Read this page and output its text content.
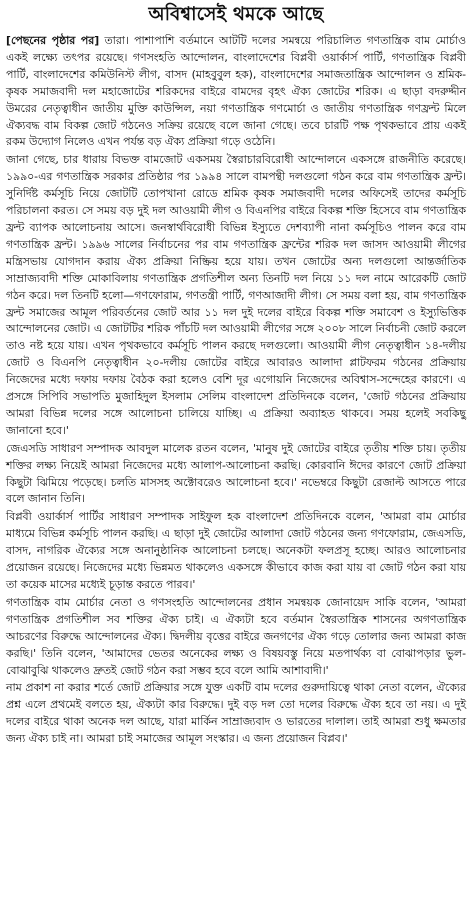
অবিশ্বাসেই থমকে আছে

[পেছনের পৃষ্ঠার পর] তারা। পাশাপাশি বর্তমানে আটটি দলের সমন্বয়ে পরিচালিত গণতান্ত্রিক বাম মোর্চাও একই লক্ষ্যে তৎপর রয়েছে। গণসংহতি আন্দোলন, বাংলাদেশের বিপ্লবী ওয়ার্কার্স পার্টি, গণতান্ত্রিক বিপ্লবী পার্টি, বাংলাদেশের কমিউনিস্ট লীগ, বাসদ (মাহবুবুল হক), বাংলাদেশের সমাজতান্ত্রিক আন্দোলন ও শ্রমিক-কৃষক সমাজবাদী দল মহাজোটের শরিকদের বাইরে বামদের বৃহৎ ঐক্য জোটের শরিক। এ ছাড়া বদরুদ্দীন উমরের নেতৃত্বাধীন জাতীয় মুক্তি কাউন্সিল, নয়া গণতান্ত্রিক গণমোর্চা ও জাতীয় গণতান্ত্রিক গণফ্রন্ট মিলে ঐক্যবদ্ধ বাম বিকল্প জোট গঠনেও সক্রিয় রয়েছে বলে জানা গেছে। তবে চারটি পক্ষ পৃথকভাবে প্রায় একই রকম উদ্যোগ নিলেও এখন পর্যন্ত বড় ঐক্য প্রক্রিয়া গড়ে ওঠেনি।

জানা গেছে, চার ধারায় বিভক্ত বামজোট একসময় স্বৈরাচারবিরোধী আন্দোলনে একসঙ্গে রাজনীতি করেছে। ১৯৯০-এর গণতান্ত্রিক সরকার প্রতিষ্ঠার পর ১৯৯৪ সালে বামপন্থী দলগুলো গঠন করে বাম গণতান্ত্রিক ফ্রন্ট। সুনির্দিষ্ট কর্মসূচি নিয়ে জোটটি তোপখানা রোডে শ্রমিক কৃষক সমাজবাদী দলের অফিসেই তাদের কর্মসূচি পরিচালনা করত। সে সময় বড় দুই দল আওয়ামী লীগ ও বিএনপির বাইরে বিকল্প শক্তি হিসেবে বাম গণতান্ত্রিক ফ্রন্ট ব্যাপক আলোচনায় আসে। জনস্বার্থবিরোধী বিভিন্ন ইস্যুতে দেশব্যাপী নানা কর্মসূচিও পালন করে বাম গণতান্ত্রিক ফ্রন্ট। ১৯৯৬ সালের নির্বাচনের পর বাম গণতান্ত্রিক ফ্রন্টের শরিক দল জাসদ আওয়ামী লীগের মন্ত্রিসভায় যোগদান করায় ঐক্য প্রক্রিয়া নিষ্ক্রিয় হয়ে যায়। তখন জোটের অন্য দলগুলো আন্তর্জাতিক সাম্রাজ্যবাদী শক্তি মোকাবিলায় গণতান্ত্রিক প্রগতিশীল অন্য তিনটি দল নিয়ে ১১ দল নামে আরেকটি জোট গঠন করে। দল তিনটি হলো—গণফোরাম, গণতন্ত্রী পার্টি, গণআজাদী লীগ। সে সময় বলা হয়, বাম গণতান্ত্রিক ফ্রন্ট সমাজের আমূল পরিবর্তনের জোট আর ১১ দল দুই দলের বাইরে বিকল্প শক্তি সমাবেশ ও ইস্যুভিত্তিক আন্দোলনের জোট। এ জোটটির শরিক পাঁচটি দল আওয়ামী লীগের সঙ্গে ২০০৮ সালে নির্বাচনী জোট করলে তাও নষ্ট হয়ে যায়। এখন পৃথকভাবে কর্মসূচি পালন করছে দলগুলো। আওয়ামী লীগ নেতৃত্বাধীন ১৪-দলীয় জোট ও বিএনপি নেতৃত্বাধীন ২০-দলীয় জোটের বাইরে আবারও আলাদা প্লাটফরম গঠনের প্রক্রিয়ায় নিজেদের মধ্যে দফায় দফায় বৈঠক করা হলেও বেশি দূর এগোয়নি নিজেদের অবিশ্বাস-সন্দেহের কারণে। এ প্রসঙ্গে সিপিবি সভাপতি মুজাহিদুল ইসলাম সেলিম বাংলাদেশ প্রতিদিনকে বলেন, 'জোট গঠনের প্রক্রিয়ায় আমরা বিভিন্ন দলের সঙ্গে আলোচনা চালিয়ে যাচ্ছি। এ প্রক্রিয়া অব্যাহত থাকবে। সময় হলেই সবকিছু জানানো হবে।'

জেএসডি সাধারণ সম্পাদক আবদুল মালেক রতন বলেন, 'মানুষ দুই জোটের বাইরে তৃতীয় শক্তি চায়। তৃতীয় শক্তির লক্ষ্য নিয়েই আমরা নিজেদের মধ্যে আলাপ-আলোচনা করছি। কোরবানি ঈদের কারণে জোট প্রক্রিয়া কিছুটা ঝিমিয়ে পড়েছে। চলতি মাসসহ অক্টোবরেও আলোচনা হবে।' নভেম্বরে কিছুটা রেজাল্ট আসতে পারে বলে জানান তিনি।

বিপ্লবী ওয়ার্কার্স পার্টির সাধারণ সম্পাদক সাইফুল হক বাংলাদেশ প্রতিদিনকে বলেন, 'আমরা বাম মোর্চার মাধ্যমে বিভিন্ন কর্মসূচি পালন করছি। এ ছাড়া দুই জোটের আলাদা জোট গঠনের জন্য গণফোরাম, জেএসডি, বাসদ, নাগরিক ঐক্যের সঙ্গে অনানুষ্ঠানিক আলোচনা চলছে। অনেকটা ফলপ্রসূ হচ্ছে। আরও আলোচনার প্রয়োজন রয়েছে। নিজেদের মধ্যে ভিন্নমত থাকলেও একসঙ্গে কীভাবে কাজ করা যায় বা জোট গঠন করা যায় তা কয়েক মাসের মধ্যেই চূড়ান্ত করতে পারব।'

গণতান্ত্রিক বাম মোর্চার নেতা ও গণসংহতি আন্দোলনের প্রধান সমন্বয়ক জোনায়েদ সাকি বলেন, 'আমরা গণতান্ত্রিক প্রগতিশীল সব শক্তির ঐক্য চাই। এ ঐক্যটা হবে বর্তমান স্বৈরতান্ত্রিক শাসনের অগণতান্ত্রিক আচরণের বিরুদ্ধে আন্দোলনের ঐক্য। দ্বিদলীয় বৃত্তের বাইরে জনগণের ঐক্য গড়ে তোলার জন্য আমরা কাজ করছি।' তিনি বলেন, 'আমাদের ভেতর অনেকের লক্ষ্য ও বিষয়বস্তু নিয়ে মতপার্থক্য বা বোঝাপড়ার ভুল-বোঝাবুঝি থাকলেও দ্রুতই জোট গঠন করা সম্ভব হবে বলে আমি আশাবাদী।'

নাম প্রকাশ না করার শর্তে জোট প্রক্রিয়ার সঙ্গে যুক্ত একটি বাম দলের গুরুদায়িত্বে থাকা নেতা বলেন, ঐক্যের প্রশ্ন এলে প্রথমেই বলতে হয়, ঐক্যটা কার বিরুদ্ধে। দুই বড় দল তো দলের বিরুদ্ধে ঐক্য হবে তা নয়। এ দুই দলের বাইরে থাকা অনেক দল আছে, যারা মার্কিন সাম্রাজ্যবাদ ও ভারতের দালাল। তাই আমরা শুধু ক্ষমতার জন্য ঐক্য চাই না। আমরা চাই সমাজের আমূল সংস্কার। এ জন্য প্রয়োজন বিপ্লব।'
